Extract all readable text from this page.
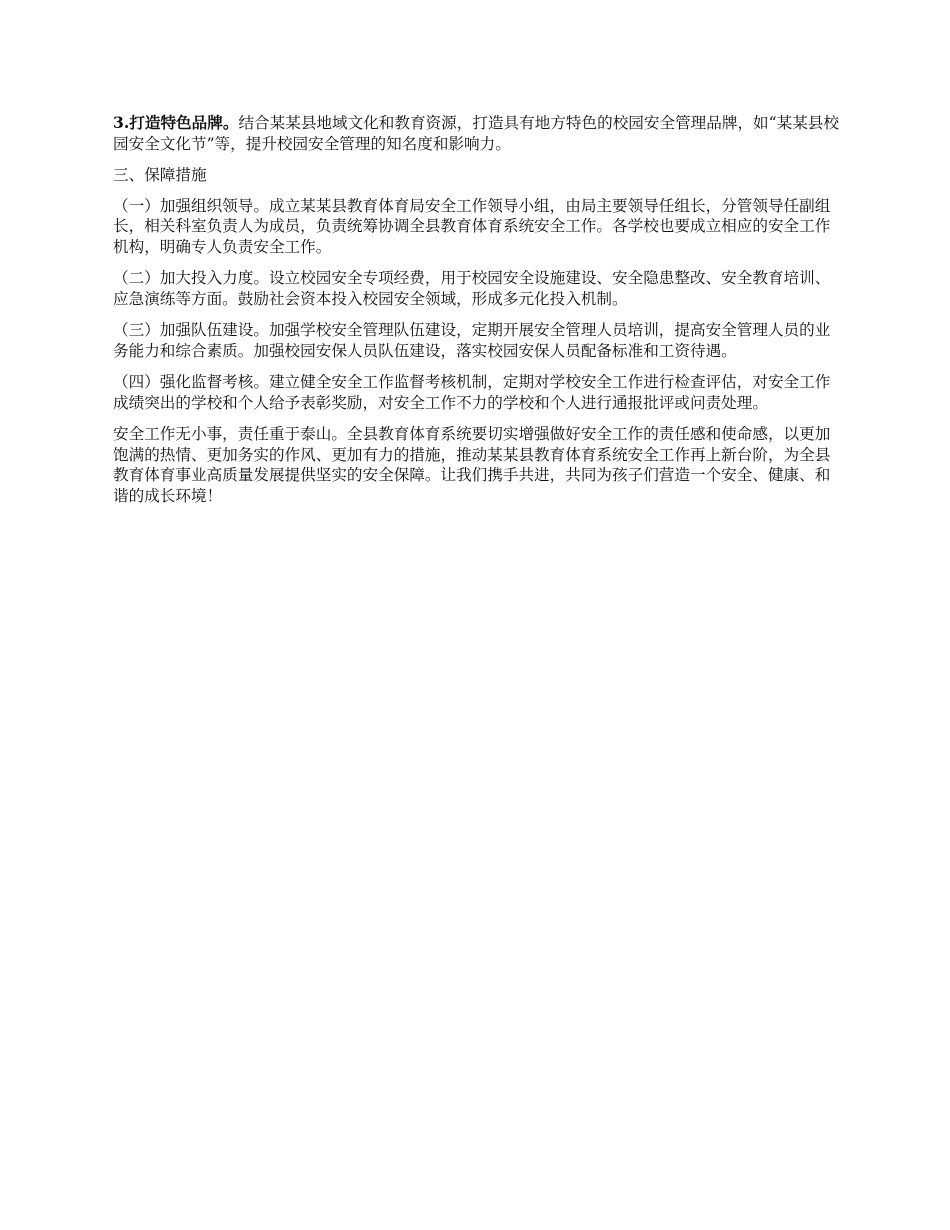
3.打造特色品牌。结合某某县地域文化和教育资源，打造具有地方特色的校园安全管理品牌，如“某某县校园安全文化节”等，提升校园安全管理的知名度和影响力。

三、保障措施

（一）加强组织领导。成立某某县教育体育局安全工作领导小组，由局主要领导任组长，分管领导任副组长，相关科室负责人为成员，负责统筹协调全县教育体育系统安全工作。各学校也要成立相应的安全工作机构，明确专人负责安全工作。

（二）加大投入力度。设立校园安全专项经费，用于校园安全设施建设、安全隐患整改、安全教育培训、应急演练等方面。鼓励社会资本投入校园安全领域，形成多元化投入机制。

（三）加强队伍建设。加强学校安全管理队伍建设，定期开展安全管理人员培训，提高安全管理人员的业务能力和综合素质。加强校园安保人员队伍建设，落实校园安保人员配备标准和工资待遇。

（四）强化监督考核。建立健全安全工作监督考核机制，定期对学校安全工作进行检查评估，对安全工作成绩突出的学校和个人给予表彰奖励，对安全工作不力的学校和个人进行通报批评或问责处理。

安全工作无小事，责任重于泰山。全县教育体育系统要切实增强做好安全工作的责任感和使命感，以更加饱满的热情、更加务实的作风、更加有力的措施，推动某某县教育体育系统安全工作再上新台阶，为全县教育体育事业高质量发展提供坚实的安全保障。让我们携手共进，共同为孩子们营造一个安全、健康、和谐的成长环境！
